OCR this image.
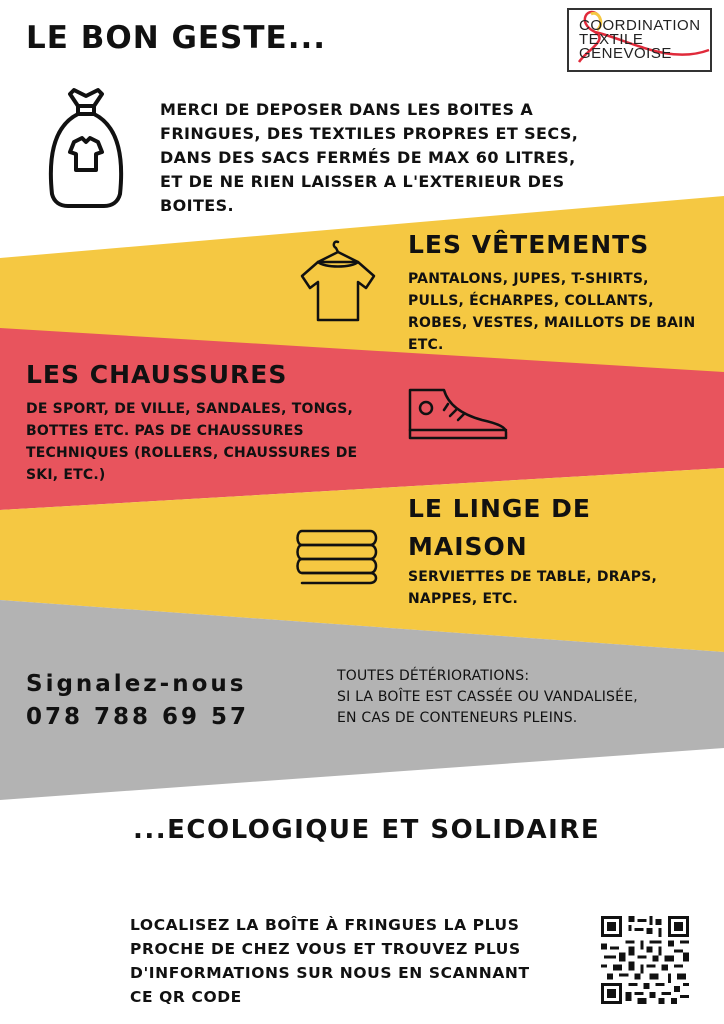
LE BON GESTE...	COORDINATION
TEXTILE
GENEVOISE
MERCI DE DEPOSER DANS LES BOITES A
FRINGUES, DES TEXTILES PROPRES ET SECS,
DANS DES SACS FERMÉS DE MAX 60 LITRES,
ET DE NE RIEN LAISSER A L'EXTERIEUR DES
BOITES.
LES VÊTEMENTS
PANTALONS, JUPES, T-SHIRTS,
PULLS, ÉCHARPES, COLLANTS,
ROBES, VESTES, MAILLOTS DE BAIN
ETC.
LES CHAUSSURES
DE SPORT, DE VILLE, SANDALES, TONGS,
BOTTES ETC. PAS DE CHAUSSURES
TECHNIQUES (ROLLERS, CHAUSSURES DE
SKI, ETC.)
LE LINGE DE
MAISON
SERVIETTES DE TABLE, DRAPS,
NAPPES, ETC.
Signalez-nous
078 788 69 57
TOUTES DÉTÉRIORATIONS:
SI LA BOÎTE EST CASSÉE OU VANDALISÉE,
EN CAS DE CONTENEURS PLEINS.
...ECOLOGIQUE ET SOLIDAIRE
LOCALISEZ LA BOÎTE À FRINGUES LA PLUS
PROCHE DE CHEZ VOUS ET TROUVEZ PLUS
D'INFORMATIONS SUR NOUS EN SCANNANT
CE QR CODE
